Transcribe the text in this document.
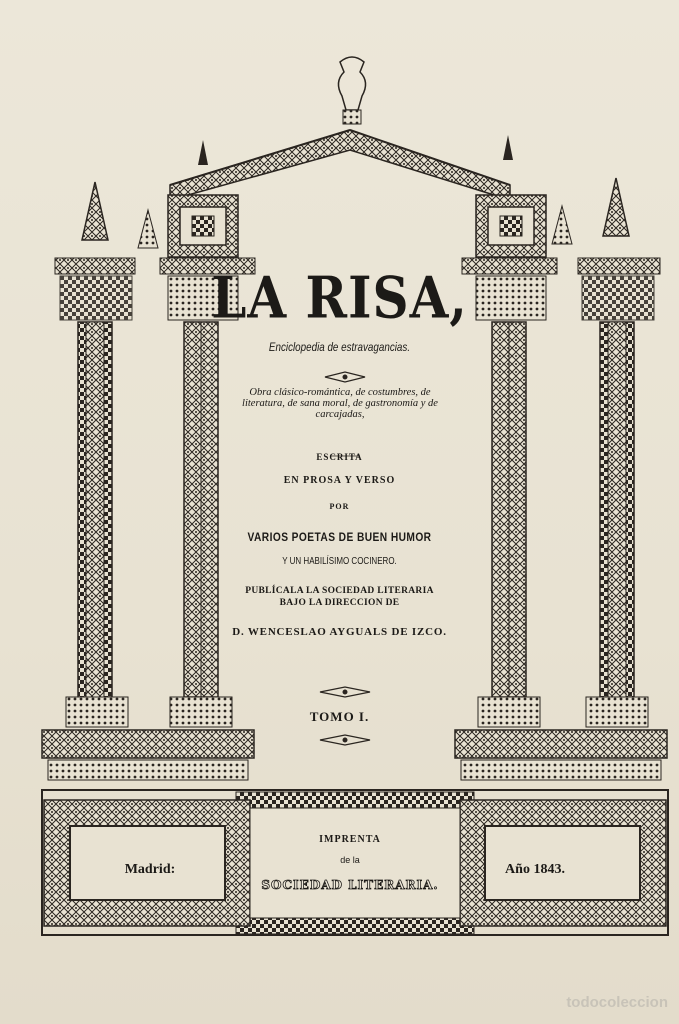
LA RISA,
Enciclopedia de estravagancias.
Obra clásico-romántica, de costumbres, de literatura, de sana moral, de gastronomía y de carcajadas,
ESCRITA
EN PROSA Y VERSO
POR
VARIOS POETAS DE BUEN HUMOR
Y UN HABILÍSIMO COCINERO.
PUBLÍCALA LA SOCIEDAD LITERARIA
BAJO LA DIRECCION DE
D. WENCESLAO AYGUALS DE IZCO.
TOMO I.
Madrid:
IMPRENTA
de la
SOCIEDAD LITERARIA.
Año 1843.
todocoleccion
